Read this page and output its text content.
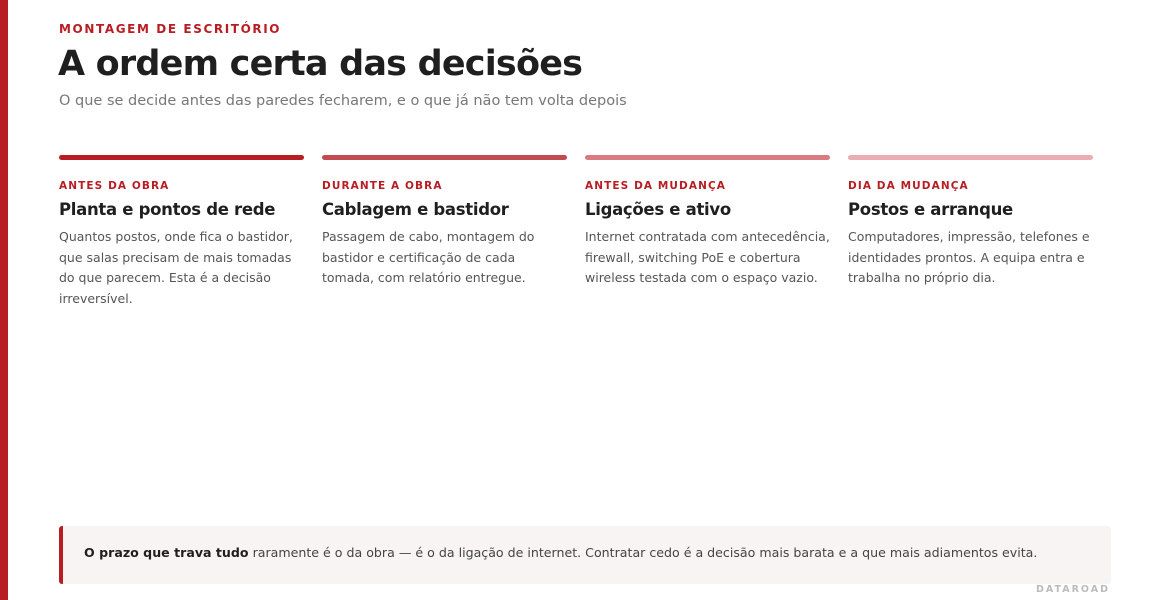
MONTAGEM DE ESCRITÓRIO
A ordem certa das decisões
O que se decide antes das paredes fecharem, e o que já não tem volta depois
ANTES DA OBRA
Planta e pontos de rede
Quantos postos, onde fica o bastidor, que salas precisam de mais tomadas do que parecem. Esta é a decisão irreversível.
DURANTE A OBRA
Cablagem e bastidor
Passagem de cabo, montagem do bastidor e certificação de cada tomada, com relatório entregue.
ANTES DA MUDANÇA
Ligações e ativo
Internet contratada com antecedência, firewall, switching PoE e cobertura wireless testada com o espaço vazio.
DIA DA MUDANÇA
Postos e arranque
Computadores, impressão, telefones e identidades prontos. A equipa entra e trabalha no próprio dia.
O prazo que trava tudo raramente é o da obra — é o da ligação de internet. Contratar cedo é a decisão mais barata e a que mais adiamentos evita.
DATAROAD
